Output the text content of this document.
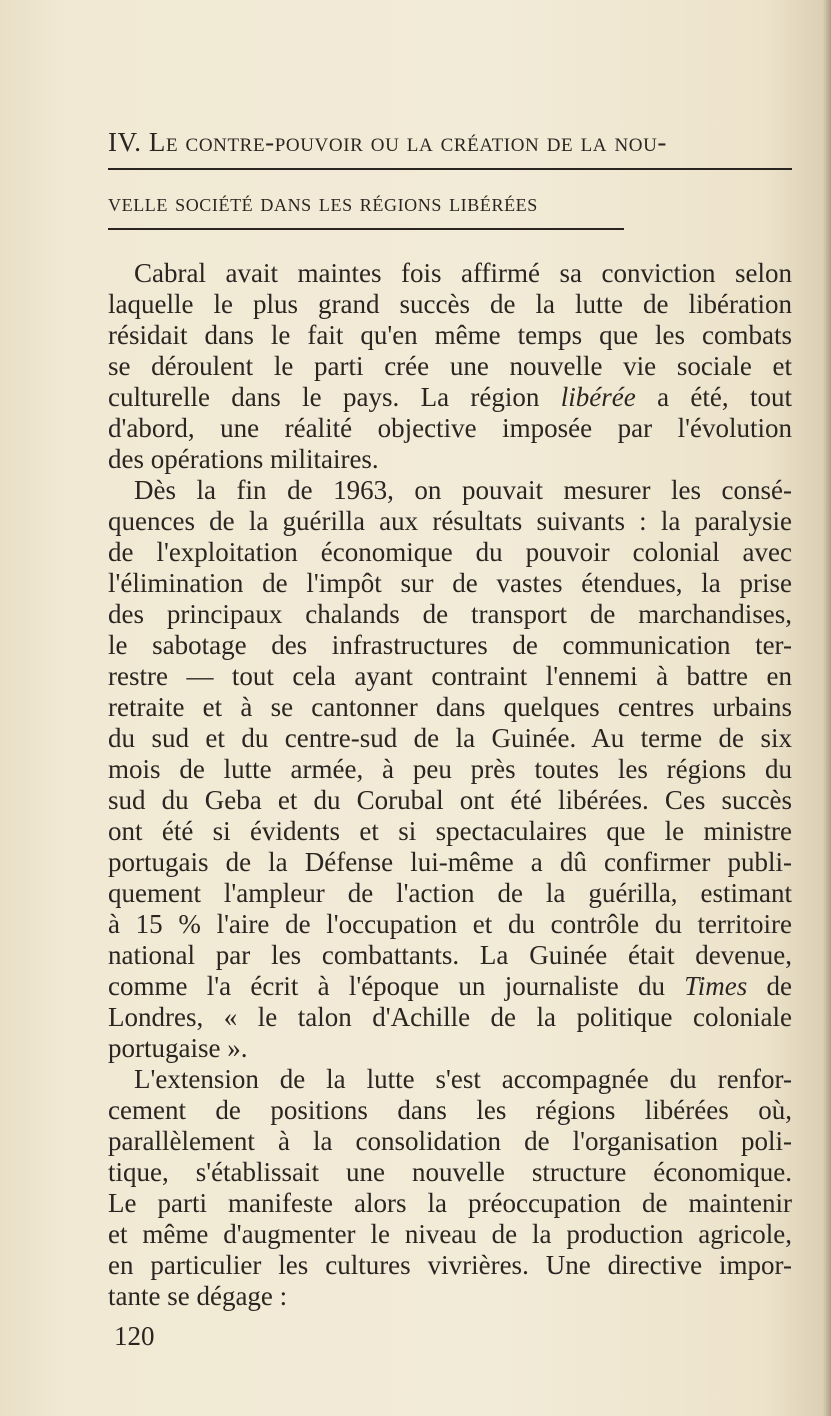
IV. Le contre-pouvoir ou la création de la nou-
velle société dans les régions libérées
Cabral avait maintes fois affirmé sa conviction selon
laquelle le plus grand succès de la lutte de libération
résidait dans le fait qu'en même temps que les combats
se déroulent le parti crée une nouvelle vie sociale et
culturelle dans le pays. La région libérée a été, tout
d'abord, une réalité objective imposée par l'évolution
des opérations militaires.
Dès la fin de 1963, on pouvait mesurer les consé-
quences de la guérilla aux résultats suivants : la paralysie
de l'exploitation économique du pouvoir colonial avec
l'élimination de l'impôt sur de vastes étendues, la prise
des principaux chalands de transport de marchandises,
le sabotage des infrastructures de communication ter-
restre — tout cela ayant contraint l'ennemi à battre en
retraite et à se cantonner dans quelques centres urbains
du sud et du centre-sud de la Guinée. Au terme de six
mois de lutte armée, à peu près toutes les régions du
sud du Geba et du Corubal ont été libérées. Ces succès
ont été si évidents et si spectaculaires que le ministre
portugais de la Défense lui-même a dû confirmer publi-
quement l'ampleur de l'action de la guérilla, estimant
à 15 % l'aire de l'occupation et du contrôle du territoire
national par les combattants. La Guinée était devenue,
comme l'a écrit à l'époque un journaliste du Times de
Londres, « le talon d'Achille de la politique coloniale
portugaise ».
L'extension de la lutte s'est accompagnée du renfor-
cement de positions dans les régions libérées où,
parallèlement à la consolidation de l'organisation poli-
tique, s'établissait une nouvelle structure économique.
Le parti manifeste alors la préoccupation de maintenir
et même d'augmenter le niveau de la production agricole,
en particulier les cultures vivrières. Une directive impor-
tante se dégage :
120
